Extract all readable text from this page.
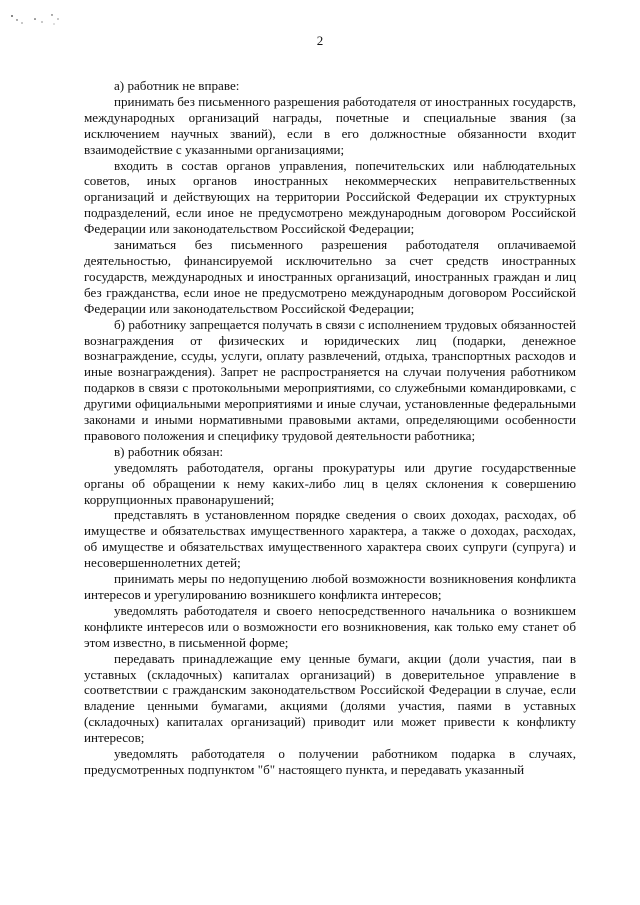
2

а) работник не вправе:

принимать без письменного разрешения работодателя от иностранных государств, международных организаций награды, почетные и специальные звания (за исключением научных званий), если в его должностные обязанности входит взаимодействие с указанными организациями;

входить в состав органов управления, попечительских или наблюдательных советов, иных органов иностранных некоммерческих неправительственных организаций и действующих на территории Российской Федерации их структурных подразделений, если иное не предусмотрено международным договором Российской Федерации или законодательством Российской Федерации;

заниматься без письменного разрешения работодателя оплачиваемой деятельностью, финансируемой исключительно за счет средств иностранных государств, международных и иностранных организаций, иностранных граждан и лиц без гражданства, если иное не предусмотрено международным договором Российской Федерации или законодательством Российской Федерации;

б) работнику запрещается получать в связи с исполнением трудовых обязанностей вознаграждения от физических и юридических лиц (подарки, денежное вознаграждение, ссуды, услуги, оплату развлечений, отдыха, транспортных расходов и иные вознаграждения). Запрет не распространяется на случаи получения работником подарков в связи с протокольными мероприятиями, со служебными командировками, с другими официальными мероприятиями и иные случаи, установленные федеральными законами и иными нормативными правовыми актами, определяющими особенности правового положения и специфику трудовой деятельности работника;

в) работник обязан:

уведомлять работодателя, органы прокуратуры или другие государственные органы об обращении к нему каких-либо лиц в целях склонения к совершению коррупционных правонарушений;

представлять в установленном порядке сведения о своих доходах, расходах, об имуществе и обязательствах имущественного характера, а также о доходах, расходах, об имуществе и обязательствах имущественного характера своих супруги (супруга) и несовершеннолетних детей;

принимать меры по недопущению любой возможности возникновения конфликта интересов и урегулированию возникшего конфликта интересов;

уведомлять работодателя и своего непосредственного начальника о возникшем конфликте интересов или о возможности его возникновения, как только ему станет об этом известно, в письменной форме;

передавать принадлежащие ему ценные бумаги, акции (доли участия, паи в уставных (складочных) капиталах организаций) в доверительное управление в соответствии с гражданским законодательством Российской Федерации в случае, если владение ценными бумагами, акциями (долями участия, паями в уставных (складочных) капиталах организаций) приводит или может привести к конфликту интересов;

уведомлять работодателя о получении работником подарка в случаях, предусмотренных подпунктом "б" настоящего пункта, и передавать указанный
